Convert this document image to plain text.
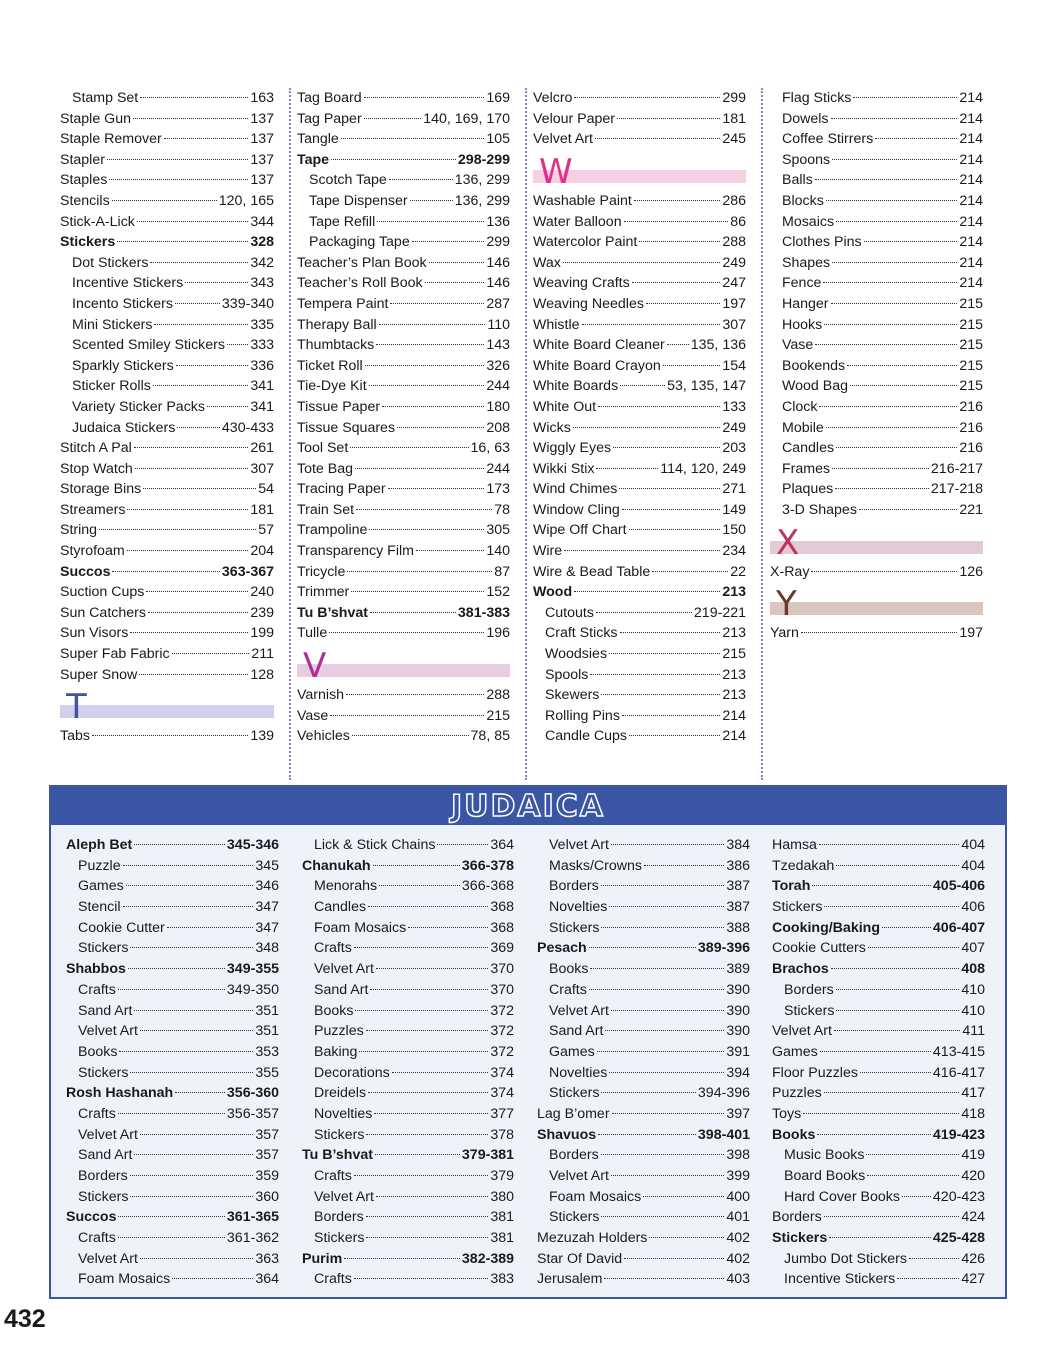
Stamp Set	163
Staple Gun	137
Staple Remover	137
Stapler	137
Staples	137
Stencils	120, 165
Stick-A-Lick	344
Stickers	328
Dot Stickers	342
Incentive Stickers	343
Incento Stickers	339-340
Mini Stickers	335
Scented Smiley Stickers 333
Sparkly Stickers	336
Sticker Rolls	341
Variety Sticker Packs	341
Judaica Stickers	430-433
Stitch A Pal	261
Stop Watch	307
Storage Bins	54
Streamers	181
String	57
Styrofoam	204
Succos	363-367
Suction Cups	240
Sun Catchers	239
Sun Visors	199
Super Fab Fabric	211
Super Snow	128
T
Tabs	139
Tag Board	169
Tag Paper	140, 169, 170
Tangle	105
Tape	298-299
Scotch Tape	136, 299
Tape Dispenser	136, 299
Tape Refill	136
Packaging Tape	299
Teacher’s Plan Book	146
Teacher’s Roll Book	146
Tempera Paint	287
Therapy Ball	110
Thumbtacks	143
Ticket Roll	326
Tie-Dye Kit	244
Tissue Paper	180
Tissue Squares	208
Tool Set	16, 63
Tote Bag	244
Tracing Paper	173
Train Set	78
Trampoline	305
Transparency Film	140
Tricycle	87
Trimmer	152
Tu B’shvat	381-383
Tulle	196
V
Varnish	288
Vase	215
Vehicles	78, 85
Velcro	299
Velour Paper	181
Velvet Art	245
W
Washable Paint	286
Water Balloon	86
Watercolor Paint	288
Wax	249
Weaving Crafts	247
Weaving Needles	197
Whistle	307
White Board Cleaner 135, 136
White Board Crayon	154
White Boards	53, 135, 147
White Out	133
Wicks	249
Wiggly Eyes	203
Wikki Stix	114, 120, 249
Wind Chimes	271
Window Cling	149
Wipe Off Chart	150
Wire	234
Wire & Bead Table	22
Wood	213
Cutouts	219-221
Craft Sticks	213
Woodsies	215
Spools	213
Skewers	213
Rolling Pins	214
Candle Cups	214
Flag Sticks	214
Dowels	214
Coffee Stirrers	214
Spoons	214
Balls	214
Blocks	214
Mosaics	214
Clothes Pins	214
Shapes	214
Fence	214
Hanger	215
Hooks	215
Vase	215
Bookends	215
Wood Bag	215
Clock	216
Mobile	216
Candles	216
Frames	216-217
Plaques	217-218
3-D Shapes	221
X
X-Ray	126
Y
Yarn	197
JUDAICA
Aleph Bet	345-346
Puzzle	345
Games	346
Stencil	347
Cookie Cutter	347
Stickers	348
Shabbos	349-355
Crafts	349-350
Sand Art	351
Velvet Art	351
Books	353
Stickers	355
Rosh Hashanah	356-360
Crafts	356-357
Velvet Art	357
Sand Art	357
Borders	359
Stickers	360
Succos	361-365
Crafts	361-362
Velvet Art	363
Foam Mosaics	364
Lick & Stick Chains	364
Chanukah	366-378
Menorahs	366-368
Candles	368
Foam Mosaics	368
Crafts	369
Velvet Art	370
Sand Art	370
Books	372
Puzzles	372
Baking	372
Decorations	374
Dreidels	374
Novelties	377
Stickers	378
Tu B’shvat	379-381
Crafts	379
Velvet Art	380
Borders	381
Stickers	381
Purim	382-389
Crafts	383
Velvet Art	384
Masks/Crowns	386
Borders	387
Novelties	387
Stickers	388
Pesach	389-396
Books	389
Crafts	390
Velvet Art	390
Sand Art	390
Games	391
Novelties	394
Stickers	394-396
Lag B’omer	397
Shavuos	398-401
Borders	398
Velvet Art	399
Foam Mosaics	400
Stickers	401
Mezuzah Holders	402
Star Of David	402
Jerusalem	403
Hamsa	404
Tzedakah	404
Torah	405-406
Stickers	406
Cooking/Baking	406-407
Cookie Cutters	407
Brachos	408
Borders	410
Stickers	410
Velvet Art	411
Games	413-415
Floor Puzzles	416-417
Puzzles	417
Toys	418
Books	419-423
Music Books	419
Board Books	420
Hard Cover Books 420-423
Borders	424
Stickers	425-428
Jumbo Dot Stickers	426
Incentive Stickers	427
432
